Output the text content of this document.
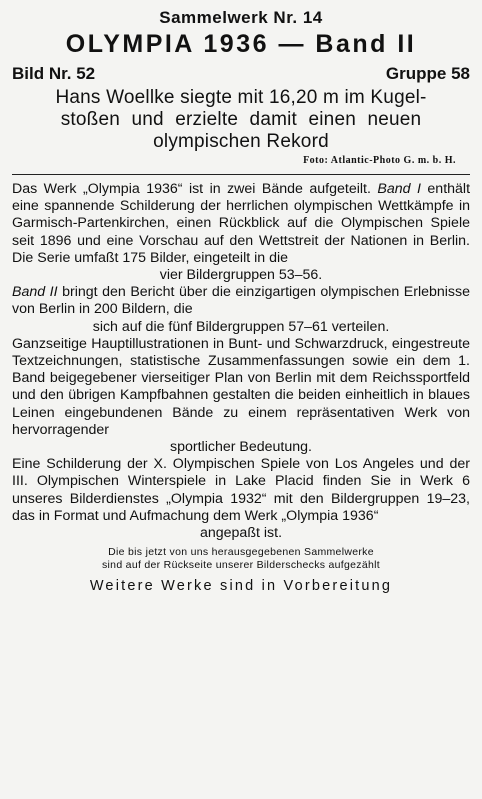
Sammelwerk Nr. 14
OLYMPIA 1936 — Band II
Bild Nr. 52	Gruppe 58
Hans Woellke siegte mit 16,20 m im Kugel-
stoßen und erzielte damit einen neuen
olympischen Rekord
Foto: Atlantic-Photo G. m. b. H.

Das Werk „Olympia 1936“ ist in zwei Bände aufgeteilt. Band I enthält eine spannende Schilderung der herrlichen olympischen Wettkämpfe in Garmisch-Partenkirchen, einen Rückblick auf die Olympischen Spiele seit 1896 und eine Vorschau auf den Wettstreit der Nationen in Berlin. Die Serie umfaßt 175 Bilder, eingeteilt in die

vier Bildergruppen 53–56.

Band II bringt den Bericht über die einzigartigen olympischen Erlebnisse von Berlin in 200 Bildern, die

sich auf die fünf Bildergruppen 57–61 verteilen.

Ganzseitige Hauptillustrationen in Bunt- und Schwarzdruck, eingestreute Textzeichnungen, statistische Zusammenfassungen sowie ein dem 1. Band beigegebener vierseitiger Plan von Berlin mit dem Reichssportfeld und den übrigen Kampfbahnen gestalten die beiden einheitlich in blaues Leinen eingebundenen Bände zu einem repräsentativen Werk von hervorragender

sportlicher Bedeutung.

Eine Schilderung der X. Olympischen Spiele von Los Angeles und der III. Olympischen Winterspiele in Lake Placid finden Sie in Werk 6 unseres Bilderdienstes „Olympia 1932“ mit den Bildergruppen 19–23, das in Format und Aufmachung dem Werk „Olympia 1936“

angepaßt ist.

Die bis jetzt von uns herausgegebenen Sammelwerke
sind auf der Rückseite unserer Bilderschecks aufgezählt
Weitere Werke sind in Vorbereitung
